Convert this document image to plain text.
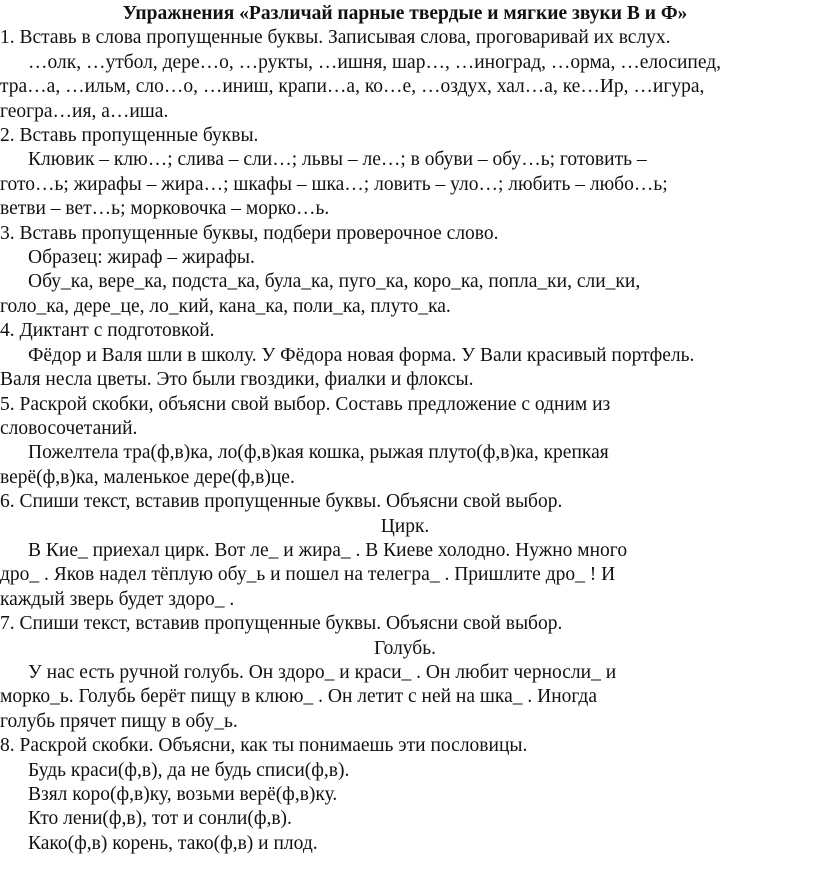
Упражнения «Различай парные твердые и мягкие звуки В и Ф»

1. Вставь в слова пропущенные буквы. Записывая слова, проговаривай их вслух.

…олк, …утбол, дере…о, …рукты, …ишня, шар…, …иноград, …орма, …елосипед,

тра…а, …ильм, сло…о, …иниш, крапи…а, ко…е, …оздух, хал…а, ке…Ир, …игура,

геогра…ия, а…иша.

2. Вставь пропущенные буквы.

Клювик – клю…; слива – сли…; львы – ле…; в обуви – обу…ь; готовить –

гото…ь; жирафы – жира…; шкафы – шка…; ловить – уло…; любить – любо…ь;

ветви – вет…ь; морковочка – морко…ь.

3. Вставь пропущенные буквы, подбери проверочное слово.

Образец: жираф – жирафы.

Обу_ка, вере_ка, подста_ка, була_ка, пуго_ка, коро_ка, попла_ки, сли_ки,

голо_ка, дере_це, ло_кий, кана_ка, поли_ка, плуто_ка.

4. Диктант с подготовкой.

Фёдор и Валя шли в школу. У Фёдора новая форма. У Вали красивый портфель.

Валя несла цветы. Это были гвоздики, фиалки и флоксы.

5. Раскрой скобки, объясни свой выбор. Составь предложение с одним из

словосочетаний.

Пожелтела тра(ф,в)ка, ло(ф,в)кая кошка, рыжая плуто(ф,в)ка, крепкая

верё(ф,в)ка, маленькое дере(ф,в)це.

6. Спиши текст, вставив пропущенные буквы. Объясни свой выбор.

Цирк.

В Кие_ приехал цирк. Вот ле_ и жира_ . В Киеве холодно. Нужно много

дро_ . Яков надел тёплую обу_ь и пошел на телегра_ . Пришлите дро_ ! И

каждый зверь будет здоро_ .

7. Спиши текст, вставив пропущенные буквы. Объясни свой выбор.

Голубь.

У нас есть ручной голубь. Он здоро_ и краси_ . Он любит черносли_ и

морко_ь. Голубь берёт пищу в клюю_ . Он летит с ней на шка_ . Иногда

голубь прячет пищу в обу_ь.

8. Раскрой скобки. Объясни, как ты понимаешь эти пословицы.

Будь краси(ф,в), да не будь списи(ф,в).

Взял коро(ф,в)ку, возьми верё(ф,в)ку.

Кто лени(ф,в), тот и сонли(ф,в).

Како(ф,в) корень, тако(ф,в) и плод.
